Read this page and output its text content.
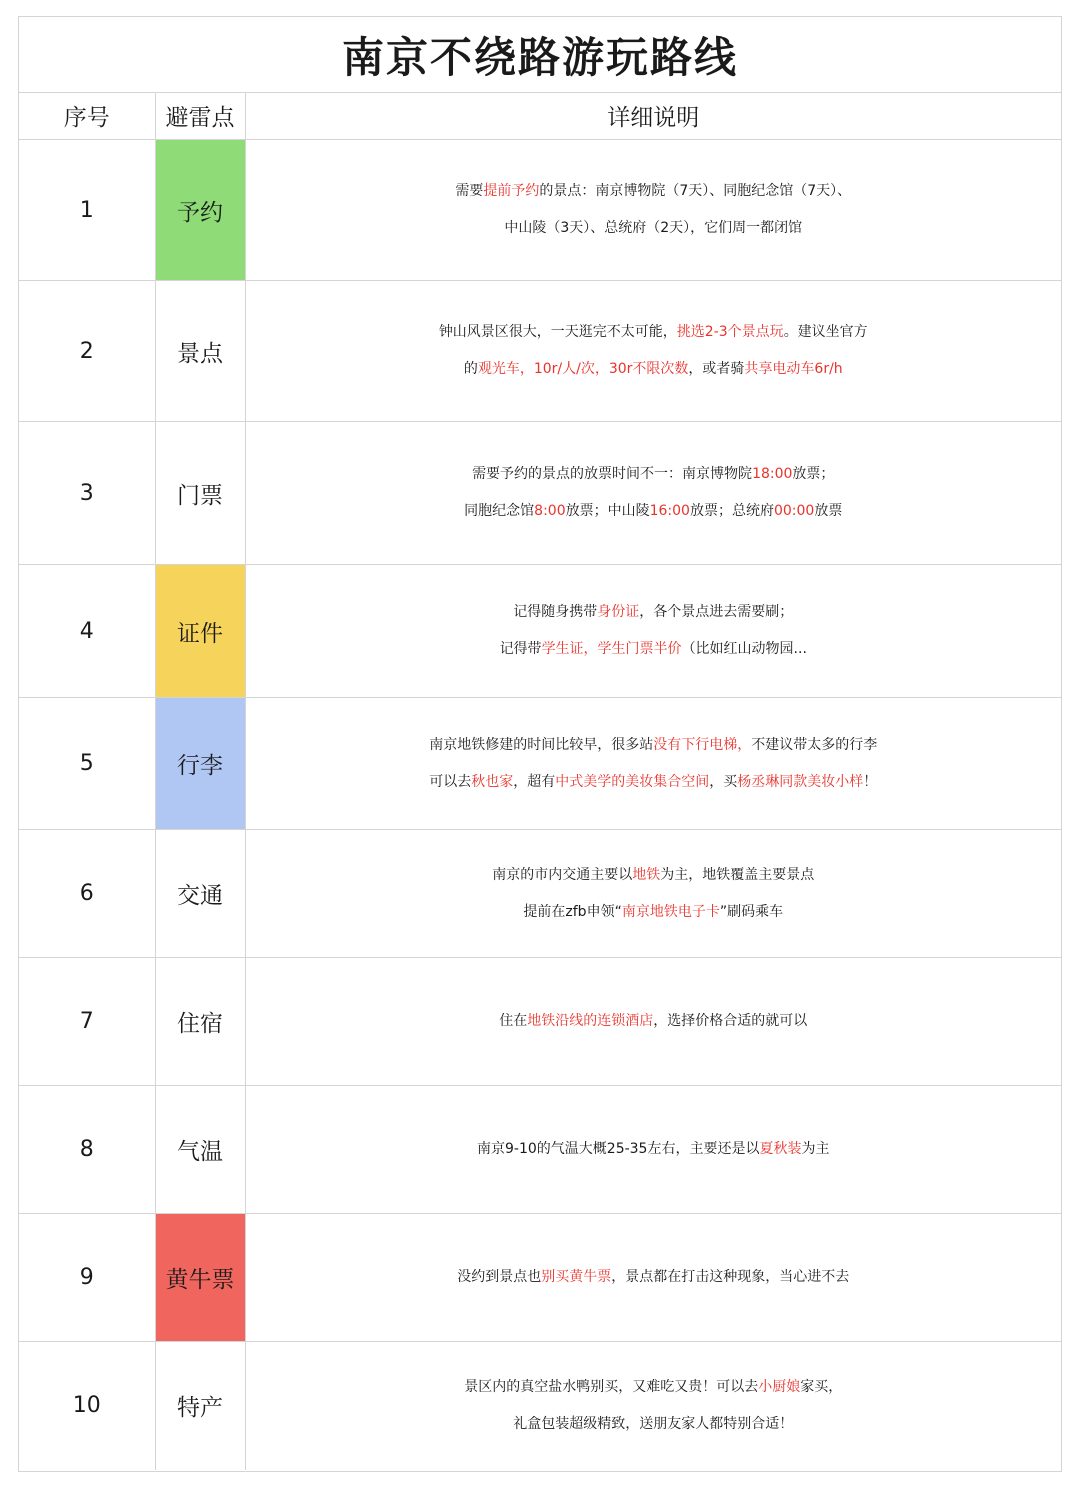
南京不绕路游玩路线
序号	避雷点	详细说明
1	予约	需要提前予约的景点：南京博物院（7天）、同胞纪念馆（7天）、
中山陵（3天）、总统府（2天），它们周一都闭馆

2	景点	钟山风景区很大，一天逛完不太可能，挑选2-3个景点玩。建议坐官方
的观光车，10r/人/次，30r不限次数，或者骑共享电动车6r/h

3	门票	需要予约的景点的放票时间不一：南京博物院18:00放票；
同胞纪念馆8:00放票；中山陵16:00放票；总统府00:00放票

4	证件	记得随身携带身份证，各个景点进去需要刷；
记得带学生证，学生门票半价（比如红山动物园...

5	行李	南京地铁修建的时间比较早，很多站没有下行电梯，不建议带太多的行李
可以去秋也家，超有中式美学的美妆集合空间，买杨丞琳同款美妆小样！

6	交通	南京的市内交通主要以地铁为主，地铁覆盖主要景点
提前在zfb申领“南京地铁电子卡”刷码乘车

7	住宿	住在地铁沿线的连锁酒店，选择价格合适的就可以

8	气温	南京9-10的气温大概25-35左右，主要还是以夏秋装为主

9	黄牛票	没约到景点也别买黄牛票，景点都在打击这种现象，当心进不去

10	特产	景区内的真空盐水鸭别买，又难吃又贵！可以去小厨娘家买，
礼盒包装超级精致，送朋友家人都特别合适！
